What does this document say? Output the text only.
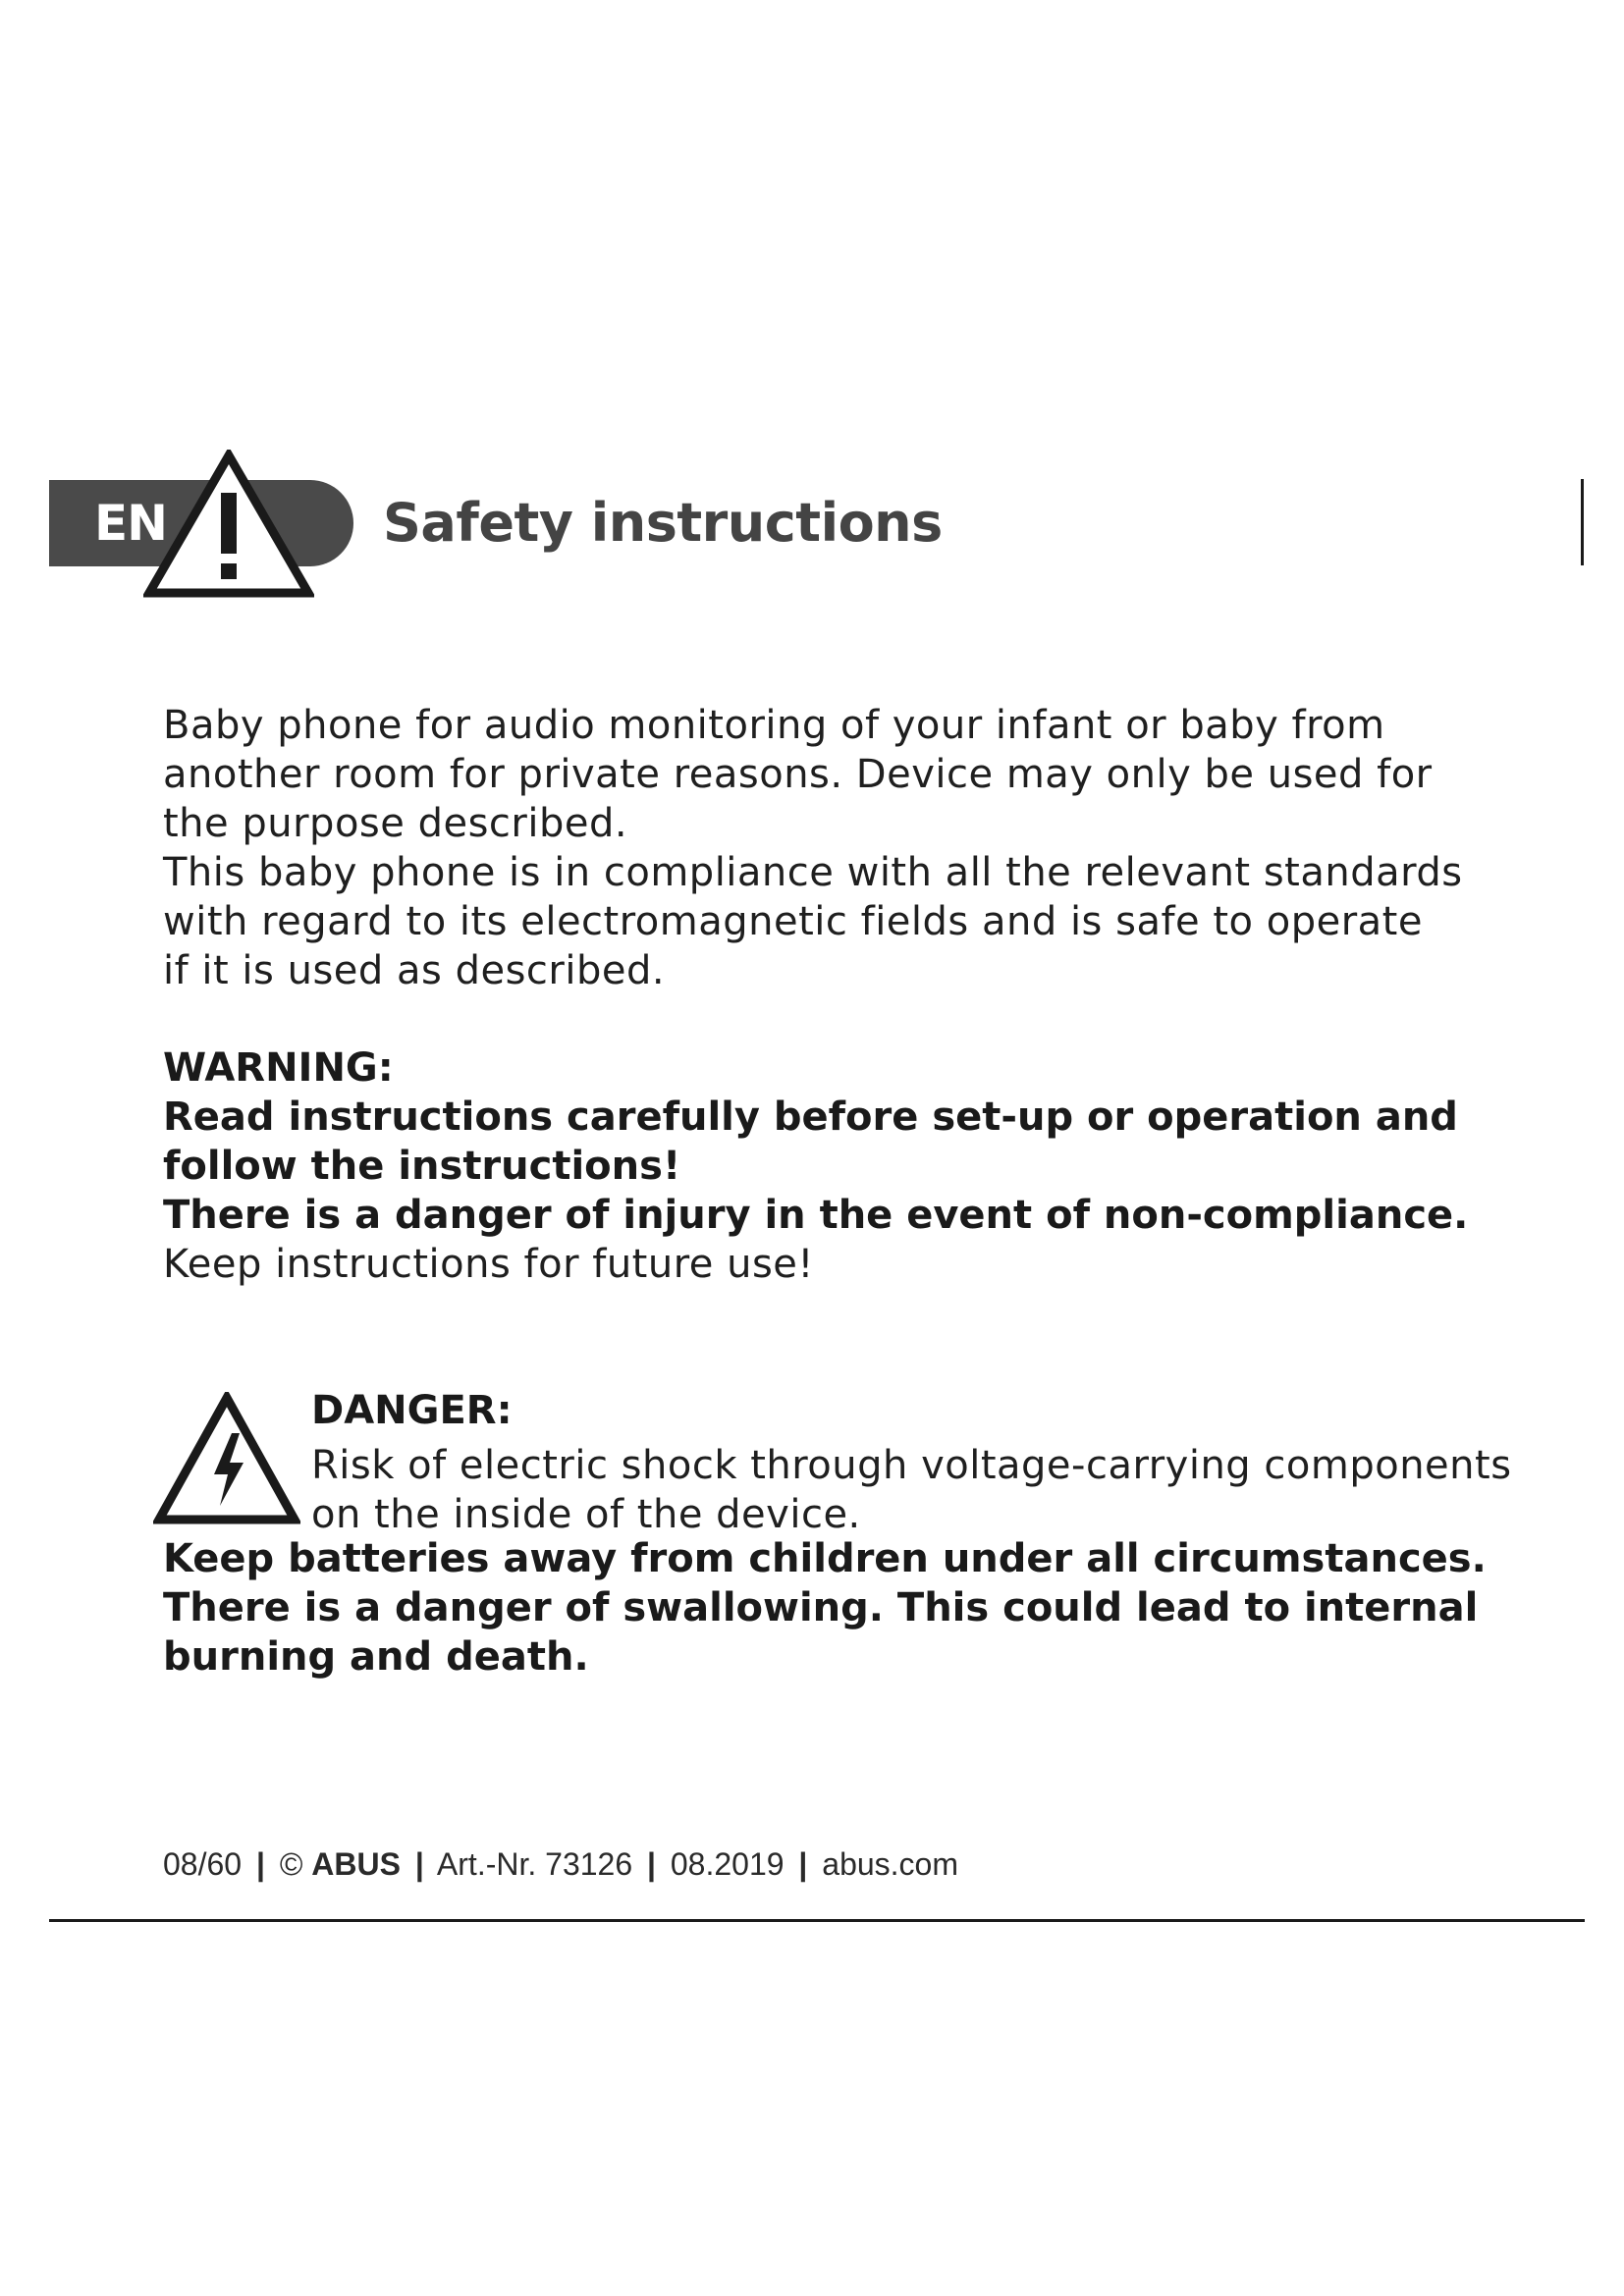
EN	Safety instructions

Baby phone for audio monitoring of your infant or baby from

another room for private reasons. Device may only be used for

the purpose described.

This baby phone is in compliance with all the relevant standards

with regard to its electromagnetic fields and is safe to operate

if it is used as described.

WARNING:

Read instructions carefully before set-up or operation and

follow the instructions!

There is a danger of injury in the event of non-compliance.

Keep instructions for future use!

DANGER:

Risk of electric shock through voltage-carrying components

on the inside of the device.

Keep batteries away from children under all circumstances.

There is a danger of swallowing. This could lead to internal

burning and death.

08/60 | © ABUS | Art.-Nr. 73126 | 08.2019 | abus.com
